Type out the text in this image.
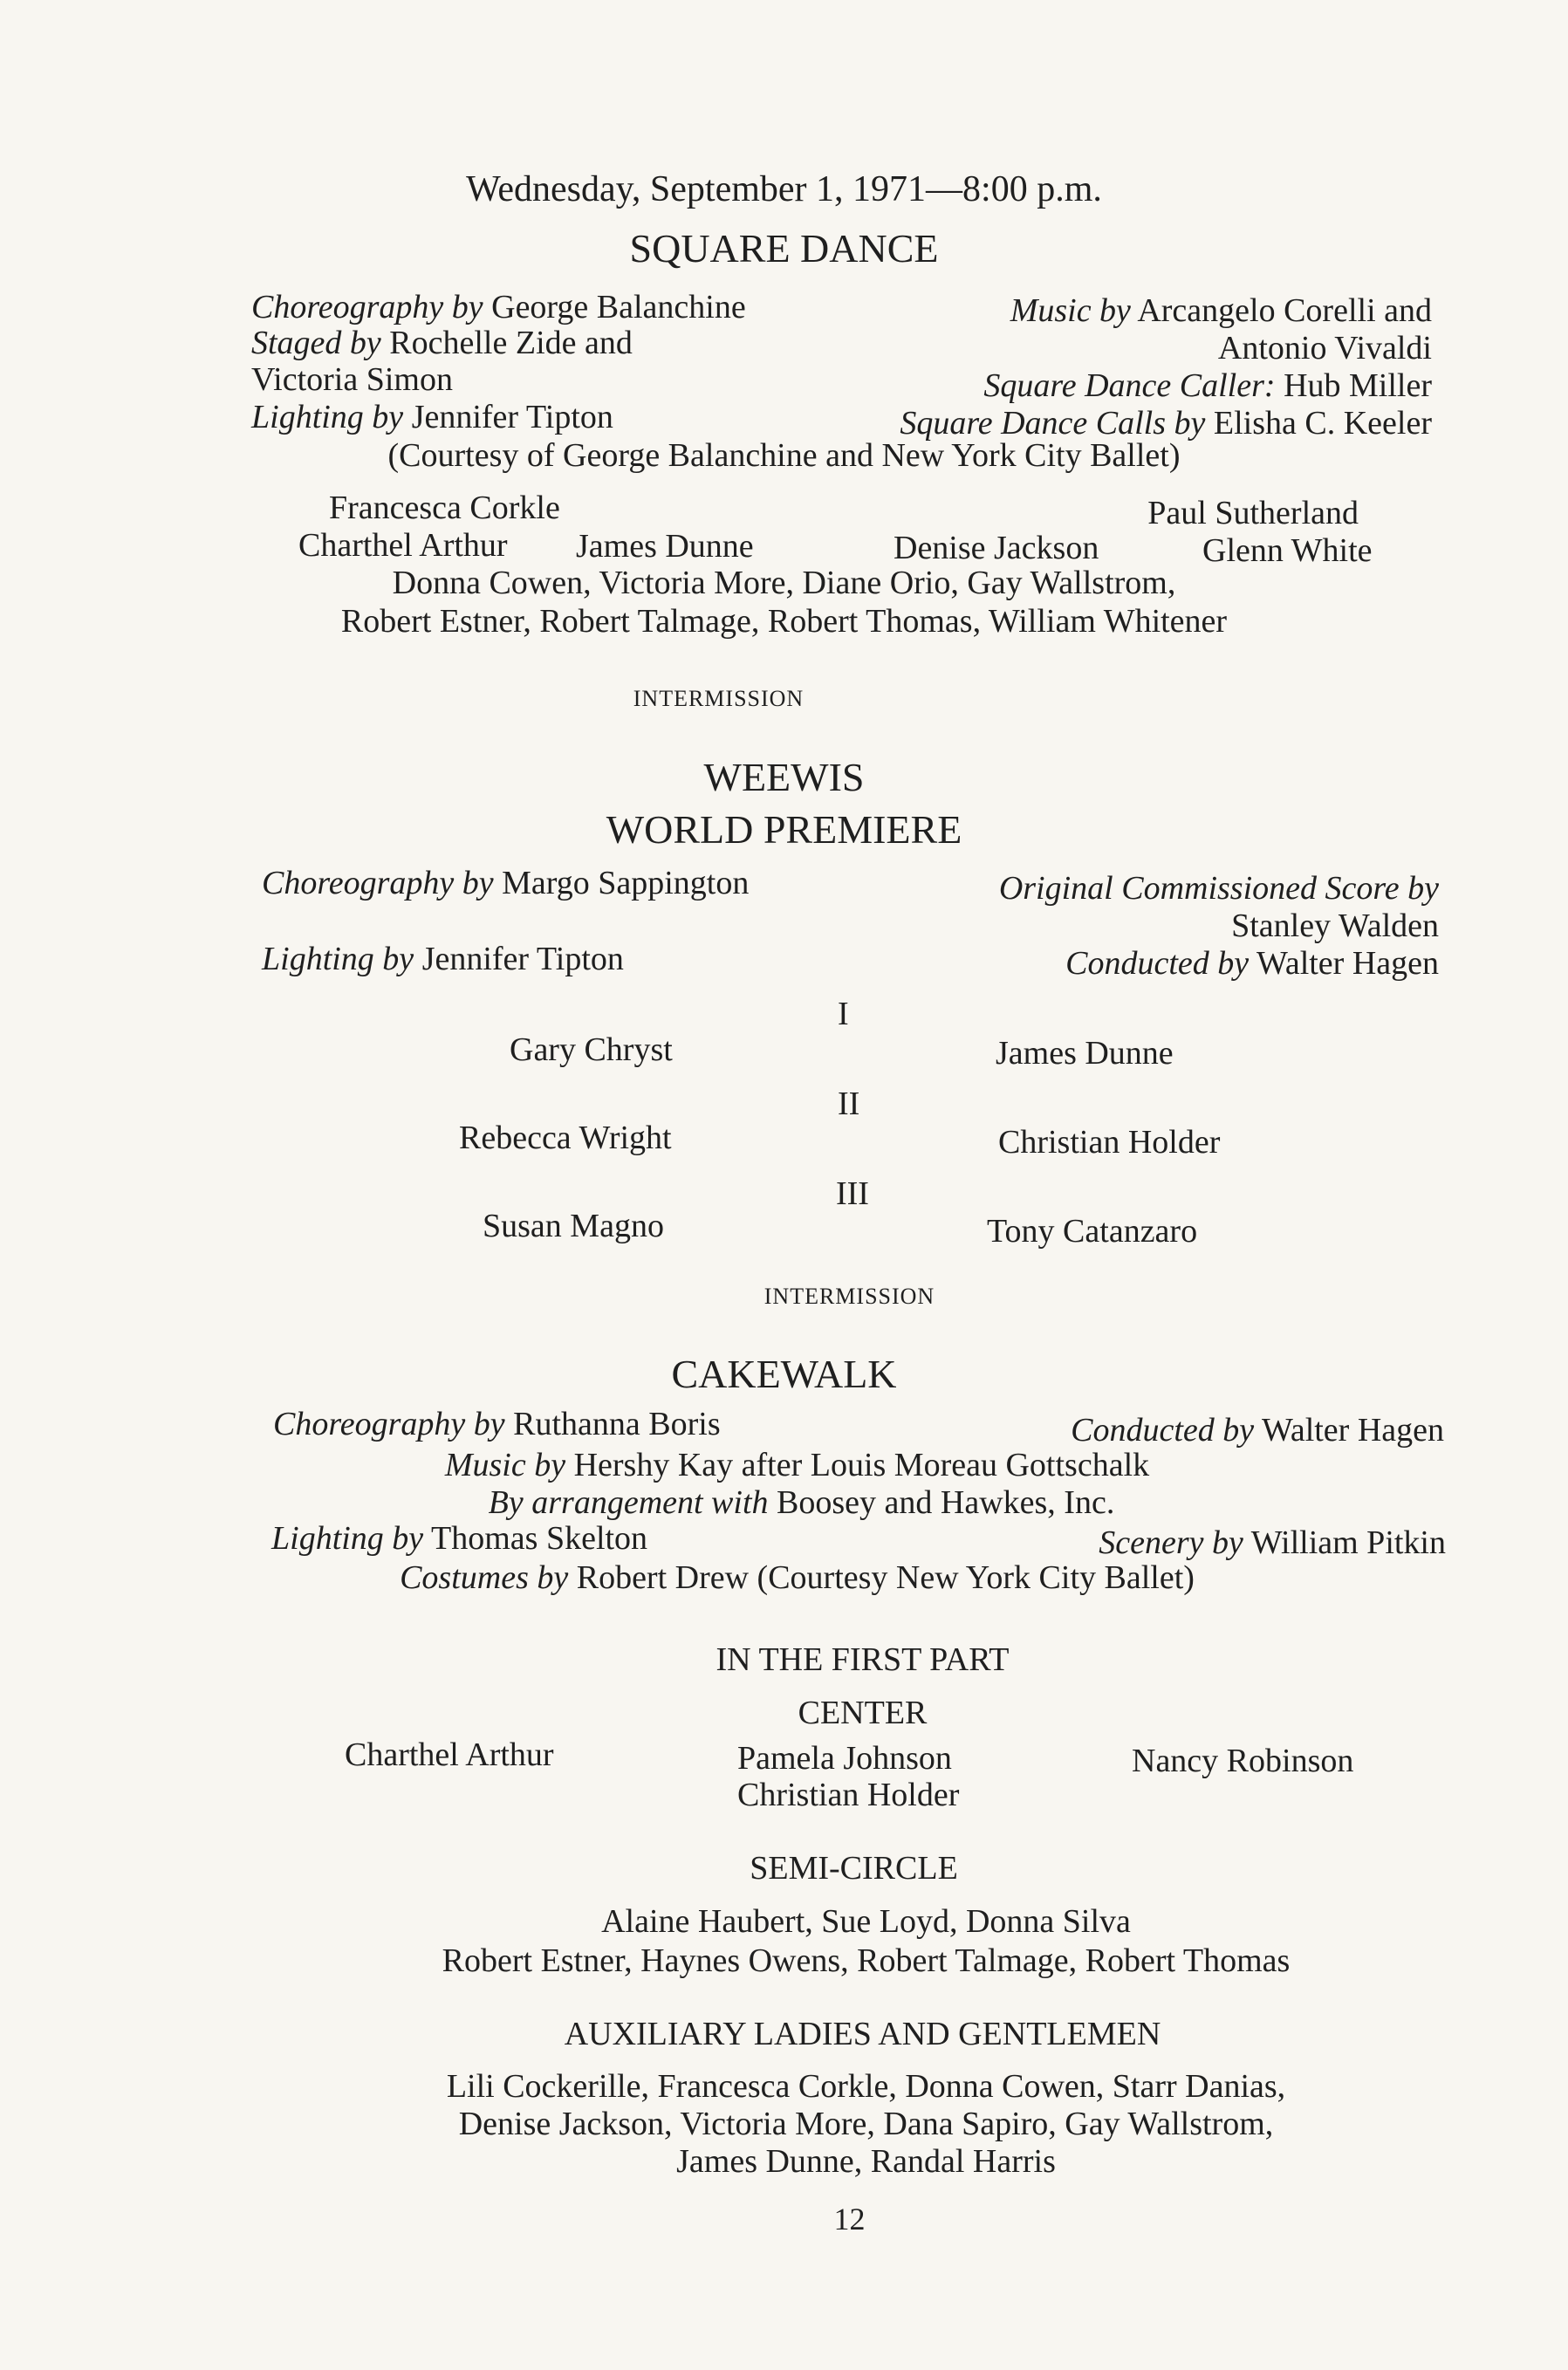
Wednesday, September 1, 1971—8:00 p.m.
SQUARE DANCE
Choreography by George Balanchine	Music by Arcangelo Corelli and
Staged by Rochelle Zide and	Antonio Vivaldi
Victoria Simon	Square Dance Caller: Hub Miller
Lighting by Jennifer Tipton	Square Dance Calls by Elisha C. Keeler
(Courtesy of George Balanchine and New York City Ballet)
Francesca Corkle	Paul Sutherland
Charthel Arthur James Dunne	Denise Jackson	Glenn White
Donna Cowen, Victoria More, Diane Orio, Gay Wallstrom,
Robert Estner, Robert Talmage, Robert Thomas, William Whitener
INTERMISSION
WEEWIS
WORLD PREMIERE
Choreography by Margo Sappington	Original Commissioned Score by
Stanley Walden
Lighting by Jennifer Tipton	Conducted by Walter Hagen
I
Gary Chryst	James Dunne
II
Rebecca Wright	Christian Holder
III
Susan Magno	Tony Catanzaro
INTERMISSION
CAKEWALK
Choreography by Ruthanna Boris	Conducted by Walter Hagen
Music by Hershy Kay after Louis Moreau Gottschalk
By arrangement with Boosey and Hawkes, Inc.
Lighting by Thomas Skelton	Scenery by William Pitkin
Costumes by Robert Drew (Courtesy New York City Ballet)
IN THE FIRST PART
CENTER
Charthel Arthur	Pamela Johnson
Christian Holder
Nancy Robinson
SEMI-CIRCLE
Alaine Haubert, Sue Loyd, Donna Silva
Robert Estner, Haynes Owens, Robert Talmage, Robert Thomas
AUXILIARY LADIES AND GENTLEMEN
Lili Cockerille, Francesca Corkle, Donna Cowen, Starr Danias,
Denise Jackson, Victoria More, Dana Sapiro, Gay Wallstrom,
James Dunne, Randal Harris
12
